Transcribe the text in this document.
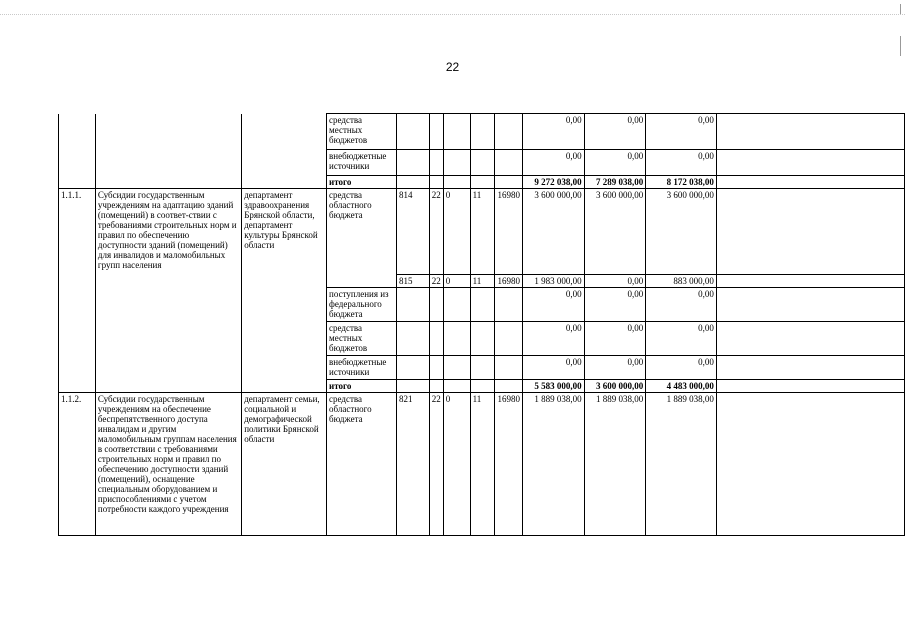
22
			средства местных бюджетов						0,00	0,00	0,00	
			внебюджетные источники						0,00	0,00	0,00	
			итого						9 272 038,00	7 289 038,00	8 172 038,00	
1.1.1.	Субсидии государственным учреждениям на адаптацию зданий (помещений) в соответ-ствии с требованиями строительных норм и правил по обеспечению доступности зданий (помещений) для инвалидов и маломобильных групп населения	департамент здравоохранения Брянской области, департамент культуры Брянской области	средства областного бюджета	814	22	0	11	16980	3 600 000,00	3 600 000,00	3 600 000,00	
				815	22	0	11	16980	1 983 000,00	0,00	883 000,00	
			поступления из федерального бюджета						0,00	0,00	0,00	
			средства местных бюджетов						0,00	0,00	0,00	
			внебюджетные источники						0,00	0,00	0,00	
			итого						5 583 000,00	3 600 000,00	4 483 000,00	
1.1.2.	Субсидии государственным учреждениям на обеспечение беспрепятственного доступа инвалидам и другим маломобильным группам населения в соответствии с требованиями строительных норм и правил по обеспечению доступности зданий (помещений), оснащение специальным оборудованием и приспособлениями с учетом потребности каждого учреждения	департамент семьи, социальной и демографической политики Брянской области	средства областного бюджета	821	22	0	11	16980	1 889 038,00	1 889 038,00	1 889 038,00	
